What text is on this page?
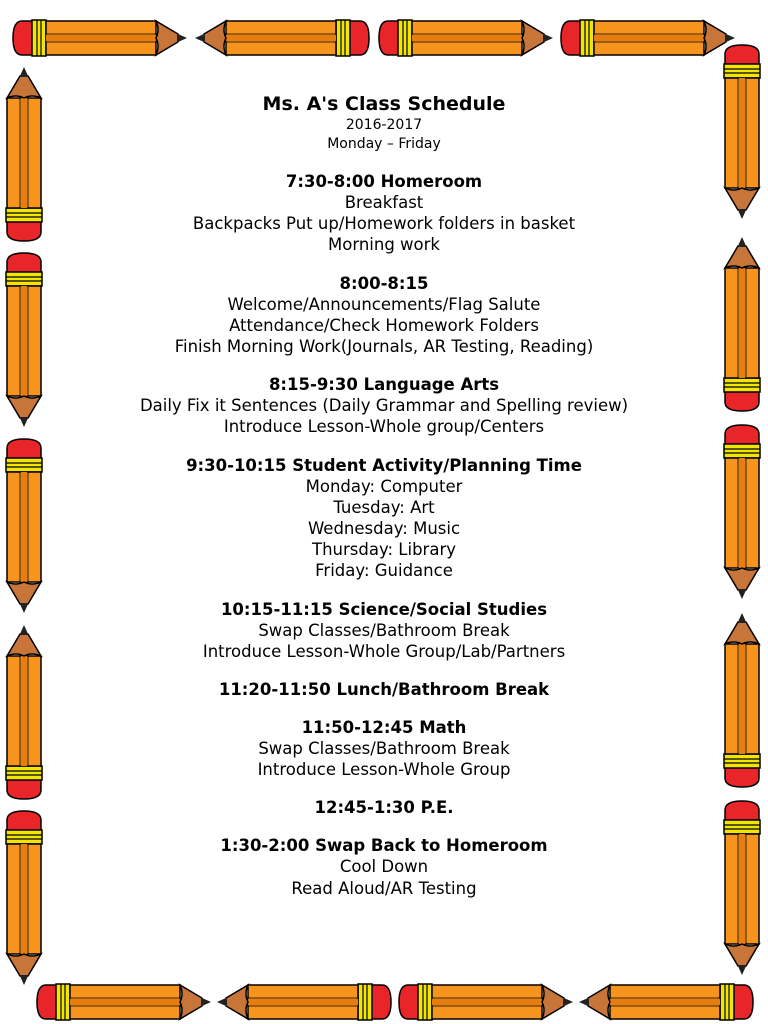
Ms. A's Class Schedule
2016-2017
Monday – Friday
7:30-8:00 Homeroom
Breakfast
Backpacks Put up/Homework folders in basket
Morning work
8:00-8:15
Welcome/Announcements/Flag Salute
Attendance/Check Homework Folders
Finish Morning Work(Journals, AR Testing, Reading)
8:15-9:30 Language Arts
Daily Fix it Sentences (Daily Grammar and Spelling review)
Introduce Lesson-Whole group/Centers
9:30-10:15 Student Activity/Planning Time
Monday: Computer
Tuesday: Art
Wednesday: Music
Thursday: Library
Friday: Guidance
10:15-11:15 Science/Social Studies
Swap Classes/Bathroom Break
Introduce Lesson-Whole Group/Lab/Partners
11:20-11:50 Lunch/Bathroom Break
11:50-12:45 Math
Swap Classes/Bathroom Break
Introduce Lesson-Whole Group
12:45-1:30 P.E.
1:30-2:00 Swap Back to Homeroom
Cool Down
Read Aloud/AR Testing
